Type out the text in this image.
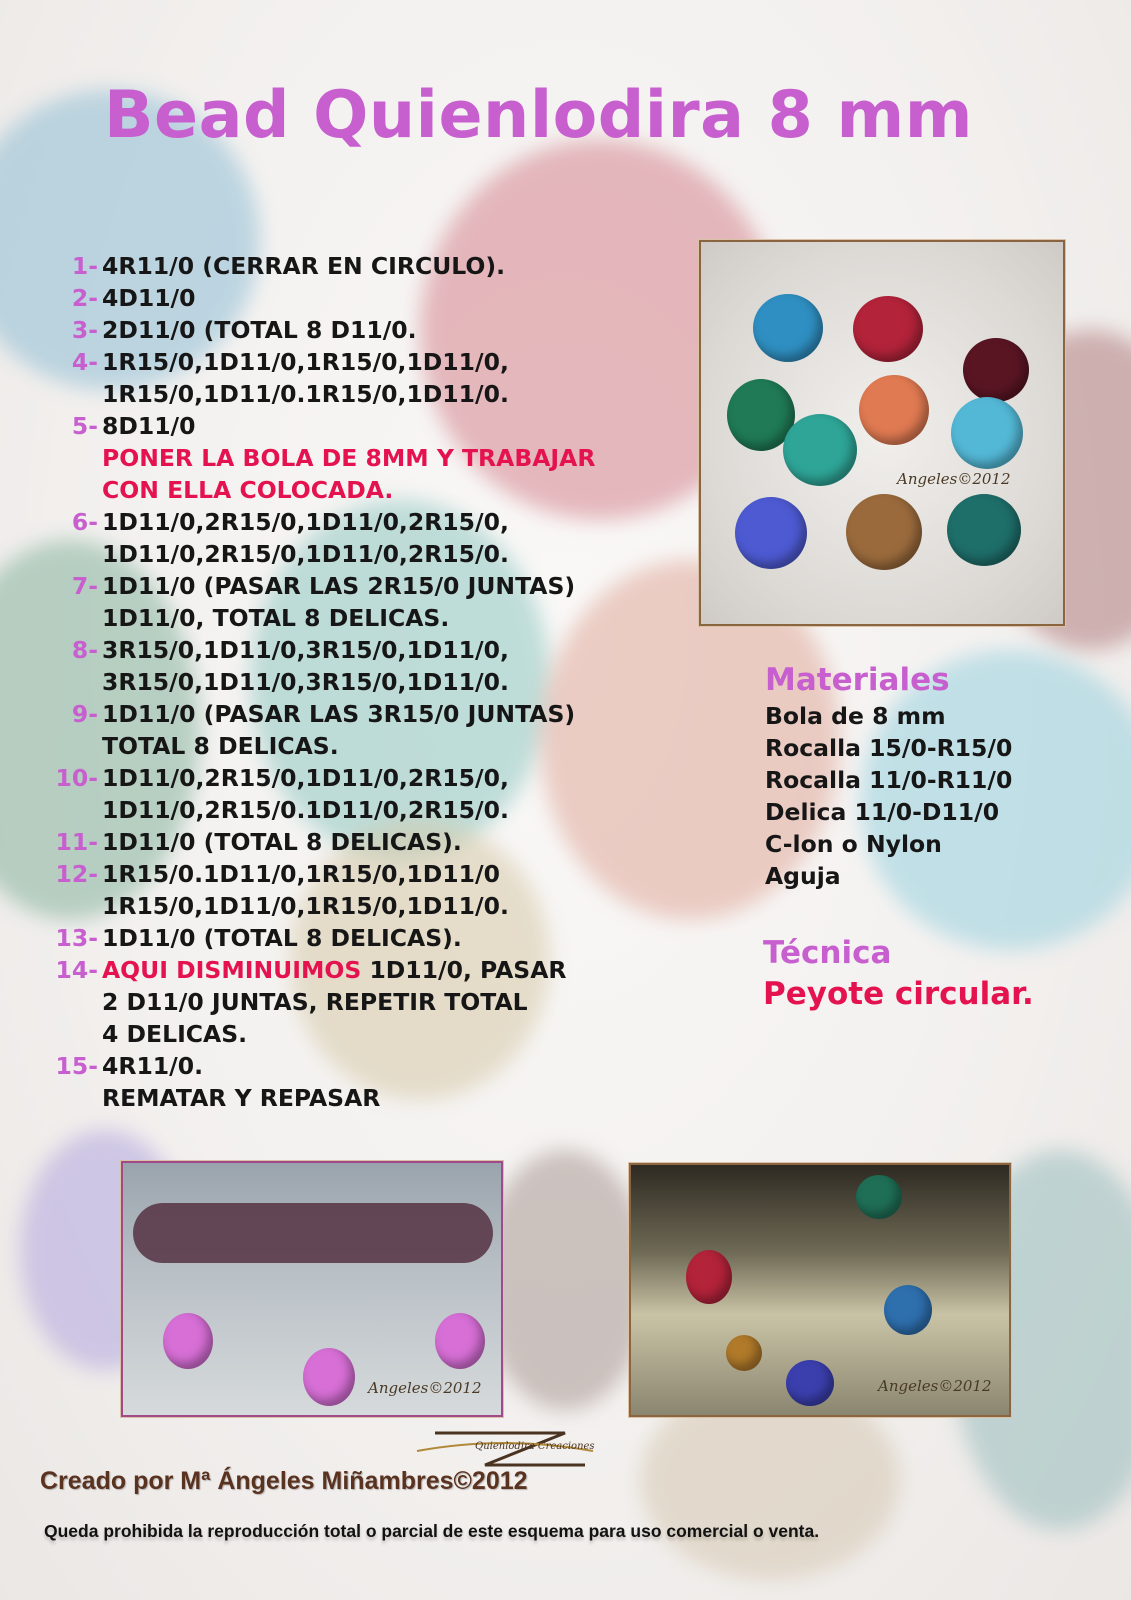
Bead Quienlodira 8 mm
1- 4R11/0 (CERRAR EN CIRCULO).
2- 4D11/0
3- 2D11/0 (TOTAL 8 D11/0.
4- 1R15/0,1D11/0,1R15/0,1D11/0,
1R15/0,1D11/0.1R15/0,1D11/0.
5- 8D11/0
PONER LA BOLA DE 8MM Y TRABAJAR
CON ELLA COLOCADA.
6- 1D11/0,2R15/0,1D11/0,2R15/0,
1D11/0,2R15/0,1D11/0,2R15/0.
7- 1D11/0 (PASAR LAS 2R15/0 JUNTAS)
1D11/0, TOTAL 8 DELICAS.
8- 3R15/0,1D11/0,3R15/0,1D11/0,
3R15/0,1D11/0,3R15/0,1D11/0.
9- 1D11/0 (PASAR LAS 3R15/0 JUNTAS)
TOTAL 8 DELICAS.
10- 1D11/0,2R15/0,1D11/0,2R15/0,
1D11/0,2R15/0.1D11/0,2R15/0.
11- 1D11/0 (TOTAL 8 DELICAS).
12- 1R15/0.1D11/0,1R15/0,1D11/0
1R15/0,1D11/0,1R15/0,1D11/0.
13- 1D11/0 (TOTAL 8 DELICAS).
14- AQUI DISMINUIMOS 1D11/0, PASAR
2 D11/0 JUNTAS, REPETIR TOTAL
4 DELICAS.
15- 4R11/0.
REMATAR Y REPASAR
Angeles©2012
Materiales
Bola de 8 mm
Rocalla 15/0-R15/0
Rocalla 11/0-R11/0
Delica 11/0-D11/0
C-lon o Nylon
Aguja
Técnica

Peyote circular.

Angeles©2012	Angeles©2012
Quienlodira Creaciones
Creado por Mª Ángeles Miñambres©2012
Queda prohibida la reproducción total o parcial de este esquema para uso comercial o venta.
